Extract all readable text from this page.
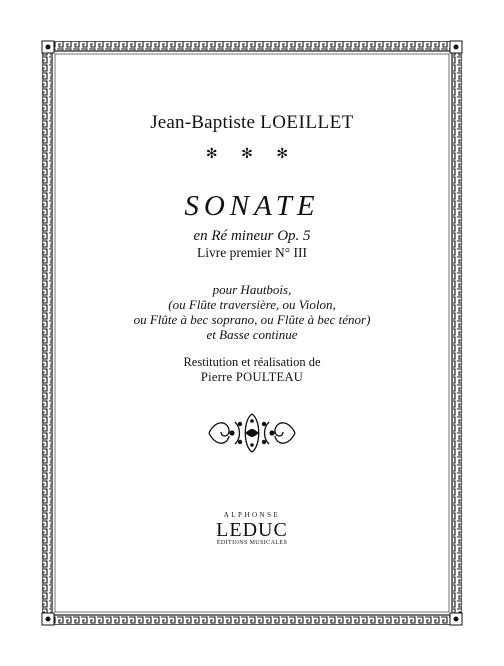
Jean-Baptiste LOEILLET
✻ ✻ ✻
SONATE
en Ré mineur Op. 5
Livre premier N° III
pour Hautbois,
(ou Flûte traversière, ou Violon,
ou Flûte à bec soprano, ou Flûte à bec ténor)
et Basse continue
Restitution et réalisation de
Pierre POULTEAU
ALPHONSE
LEDUC
ÉDITIONS MUSICALES
